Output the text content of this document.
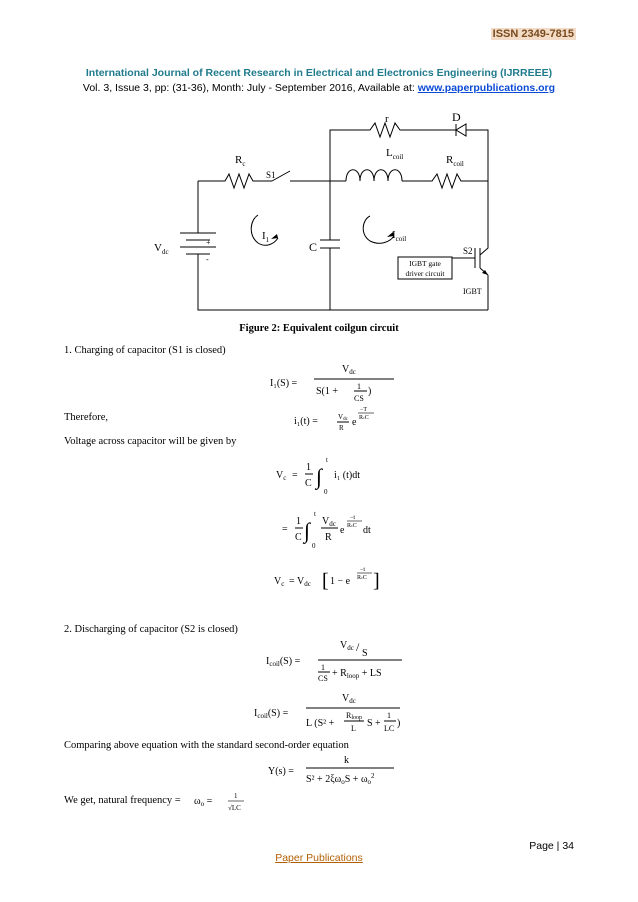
ISSN 2349-7815
International Journal of Recent Research in Electrical and Electronics Engineering (IJRREEE)
Vol. 3, Issue 3, pp: (31-36), Month: July - September 2016, Available at: www.paperpublications.org
r	D
$R_c$
S1
$L_{coil}$	$R_{coil}$
$I_1$	C
$I_{coil}$
$V_{dc}$
+
-
S2
IGBT gate
driver circuit
IGBT
Figure 2: Equivalent coilgun circuit
1. Charging of capacitor (S1 is closed)
Therefore,
Voltage across capacitor will be given by
2. Discharging of capacitor (S2 is closed)
Comparing above equation with the standard second-order equation
We get, natural frequency =
I₁(S) =
$V_{dc}$
S(1 + 1
CS
)
i₁(t) =	Vdc
R e
−T
RcC
$V_c$ =
1
C ∫
t
0
i₁ (t)dt
=
1
C ∫
t
0
$V_{dc}$
R
e
−t
RcC dt
$V_c = V_{dc}$ [ 1 − e
−t
RcC ]
$I_{coil}(S)$ =
$V_{dc}$ / S
1
CS + $R_{loop}$ + LS
$I_{coil}(S)$ =
$V_{dc}$
L (S² +
Rloop
L S +
1
LC )
Y(s) =
k
$S^2 + 2\xi\omega_oS + \omega_o^2$
$\omega_o$ =	1
√LC
Page | 34
Paper Publications
